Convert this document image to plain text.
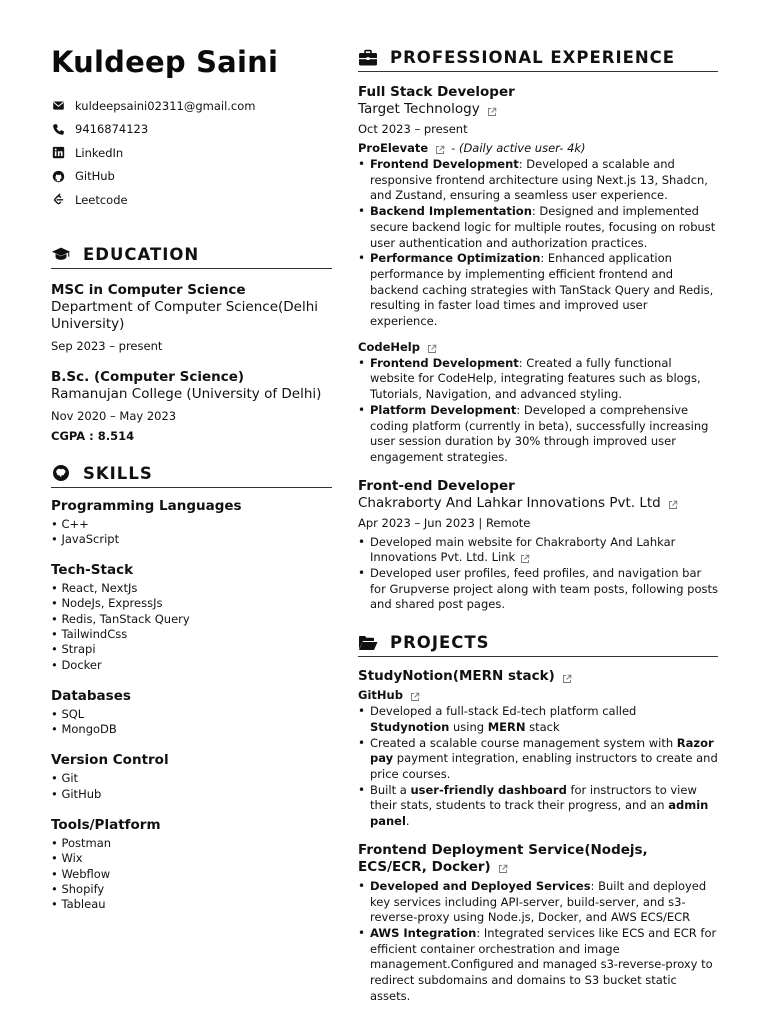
Kuldeep Saini
kuldeepsaini02311@gmail.com
9416874123
LinkedIn
GitHub
Leetcode
EDUCATION
MSC in Computer Science
Department of Computer Science(Delhi University)
Sep 2023 – present
B.Sc. (Computer Science)
Ramanujan College (University of Delhi)
Nov 2020 – May 2023
CGPA : 8.514
SKILLS
Programming Languages
• C++
• JavaScript
Tech-Stack
• React, NextJs
• NodeJs, ExpressJs
• Redis, TanStack Query
• TailwindCss
• Strapi
• Docker
Databases
• SQL
• MongoDB
Version Control
• Git
• GitHub
Tools/Platform
• Postman
• Wix
• Webflow
• Shopify
• Tableau
PROFESSIONAL EXPERIENCE
Full Stack Developer
Target Technology
Oct 2023 – present
ProElevate - (Daily active user- 4k)
• Frontend Development: Developed a scalable and responsive frontend architecture using Next.js 13, Shadcn, and Zustand, ensuring a seamless user experience.
• Backend Implementation: Designed and implemented secure backend logic for multiple routes, focusing on robust user authentication and authorization practices.
• Performance Optimization: Enhanced application performance by implementing efficient frontend and backend caching strategies with TanStack Query and Redis, resulting in faster load times and improved user experience.
CodeHelp
• Frontend Development: Created a fully functional website for CodeHelp, integrating features such as blogs, Tutorials, Navigation, and advanced styling.
• Platform Development: Developed a comprehensive coding platform (currently in beta), successfully increasing user session duration by 30% through improved user engagement strategies.
Front-end Developer
Chakraborty And Lahkar Innovations Pvt. Ltd
Apr 2023 – Jun 2023 | Remote
• Developed main website for Chakraborty And Lahkar Innovations Pvt. Ltd. Link
• Developed user profiles, feed profiles, and navigation bar for Grupverse project along with team posts, following posts and shared post pages.
PROJECTS
StudyNotion(MERN stack)
GitHub
• Developed a full-stack Ed-tech platform called Studynotion using MERN stack
• Created a scalable course management system with Razor pay payment integration, enabling instructors to create and price courses.
• Built a user-friendly dashboard for instructors to view their stats, students to track their progress, and an admin panel.
Frontend Deployment Service(Nodejs, ECS/ECR, Docker)
• Developed and Deployed Services: Built and deployed key services including API-server, build-server, and s3-reverse-proxy using Node.js, Docker, and AWS ECS/ECR
• AWS Integration: Integrated services like ECS and ECR for efficient container orchestration and image management.Configured and managed s3-reverse-proxy to redirect subdomains and domains to S3 bucket static assets.
